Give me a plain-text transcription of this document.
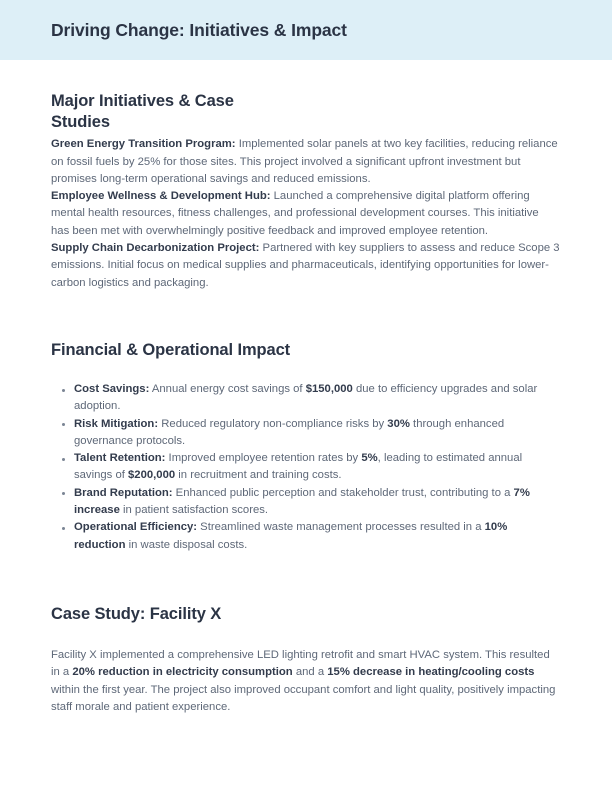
Driving Change: Initiatives & Impact
Major Initiatives & Case Studies

Green Energy Transition Program: Implemented solar panels at two key facilities, reducing reliance on fossil fuels by 25% for those sites. This project involved a significant upfront investment but promises long-term operational savings and reduced emissions.

Employee Wellness & Development Hub: Launched a comprehensive digital platform offering mental health resources, fitness challenges, and professional development courses. This initiative has been met with overwhelmingly positive feedback and improved employee retention.

Supply Chain Decarbonization Project: Partnered with key suppliers to assess and reduce Scope 3 emissions. Initial focus on medical supplies and pharmaceuticals, identifying opportunities for lower-carbon logistics and packaging.

Financial & Operational Impact
Cost Savings: Annual energy cost savings of $150,000 due to efficiency upgrades and solar adoption.
Risk Mitigation: Reduced regulatory non-compliance risks by 30% through enhanced governance protocols.
Talent Retention: Improved employee retention rates by 5%, leading to estimated annual savings of $200,000 in recruitment and training costs.
Brand Reputation: Enhanced public perception and stakeholder trust, contributing to a 7% increase in patient satisfaction scores.
Operational Efficiency: Streamlined waste management processes resulted in a 10% reduction in waste disposal costs.
Case Study: Facility X

Facility X implemented a comprehensive LED lighting retrofit and smart HVAC system. This resulted in a 20% reduction in electricity consumption and a 15% decrease in heating/cooling costs within the first year. The project also improved occupant comfort and light quality, positively impacting staff morale and patient experience.
